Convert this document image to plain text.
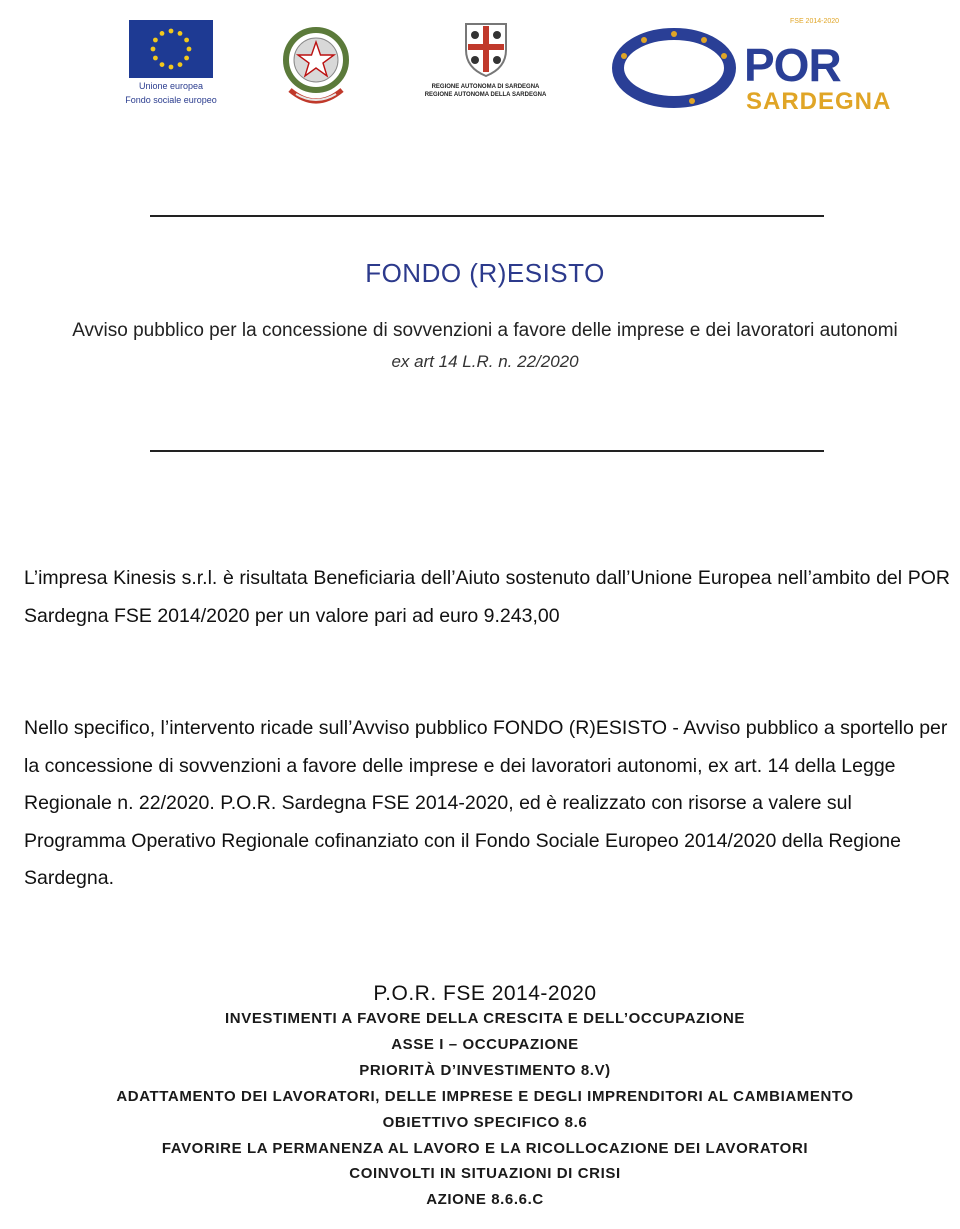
Unione europea
Fondo sociale europeo
REGIONE AUTONOMA DI SARDEGNA
REGIONE AUTONOMA DELLA SARDEGNA
FSE 2014-2020
POR
SARDEGNA
FONDO (R)ESISTO
Avviso pubblico per la concessione di sovvenzioni a favore delle imprese e dei lavoratori autonomi
ex art 14 L.R. n. 22/2020
L’impresa Kinesis s.r.l. è risultata Beneficiaria dell’Aiuto sostenuto dall’Unione Europea nell’ambito del POR Sardegna FSE 2014/2020 per un valore pari ad euro 9.243,00
Nello specifico, l’intervento ricade sull’Avviso pubblico FONDO (R)ESISTO - Avviso pubblico a sportello per la concessione di sovvenzioni a favore delle imprese e dei lavoratori autonomi, ex art. 14 della Legge Regionale n. 22/2020. P.O.R. Sardegna FSE 2014-2020, ed è realizzato con risorse a valere sul Programma Operativo Regionale cofinanziato con il Fondo Sociale Europeo 2014/2020 della Regione Sardegna.
P.O.R. FSE 2014-2020
INVESTIMENTI A FAVORE DELLA CRESCITA E DELL’OCCUPAZIONE
ASSE I – OCCUPAZIONE
PRIORITÀ D’INVESTIMENTO 8.V)
ADATTAMENTO DEI LAVORATORI, DELLE IMPRESE E DEGLI IMPRENDITORI AL CAMBIAMENTO
OBIETTIVO SPECIFICO 8.6
FAVORIRE LA PERMANENZA AL LAVORO E LA RICOLLOCAZIONE DEI LAVORATORI
COINVOLTI IN SITUAZIONI DI CRISI
AZIONE 8.6.6.C
